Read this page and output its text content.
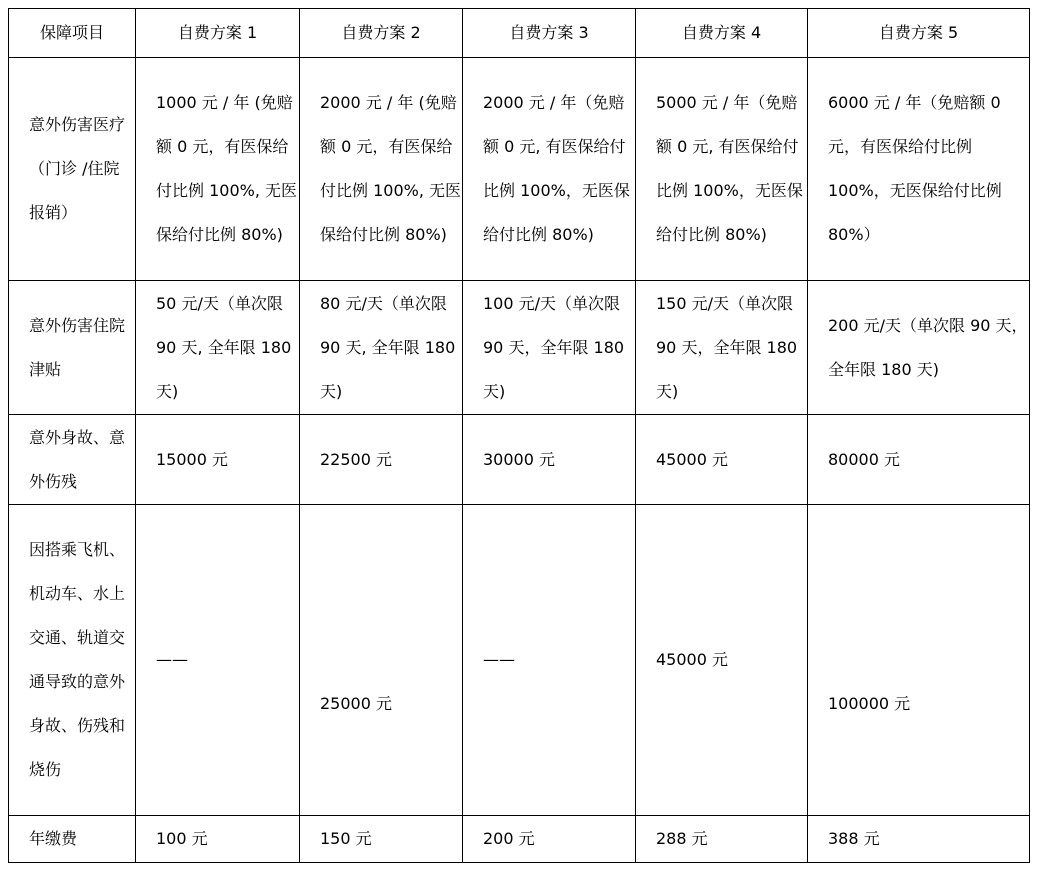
保障项目	自费方案 1	自费方案 2	自费方案 3	自费方案 4	自费方案 5
意外伤害医疗（门诊 /住院报销）	1000 元 / 年 (免赔额 0 元，有医保给付比例 100%, 无医保给付比例 80%)	2000 元 / 年 (免赔额 0 元，有医保给付比例 100%, 无医保给付比例 80%)	2000 元 / 年（免赔额 0 元, 有医保给付比例 100%，无医保给付比例 80%)	5000 元 / 年（免赔额 0 元, 有医保给付比例 100%，无医保给付比例 80%)	6000 元 / 年（免赔额 0 元，有医保给付比例 100%，无医保给付比例 80%）
意外伤害住院津贴	50 元/天（单次限 90 天, 全年限 180 天)	80 元/天（单次限 90 天, 全年限 180 天)	100 元/天（单次限 90 天，全年限 180 天)	150 元/天（单次限 90 天，全年限 180 天)	200 元/天（单次限 90 天，全年限 180 天)
意外身故、意外伤残	15000 元	22500 元	30000 元	45000 元	80000 元
因搭乘飞机、机动车、水上交通、轨道交通导致的意外身故、伤残和烧伤	——	25000 元	——	45000 元	100000 元
年缴费	100 元	150 元	200 元	288 元	388 元
